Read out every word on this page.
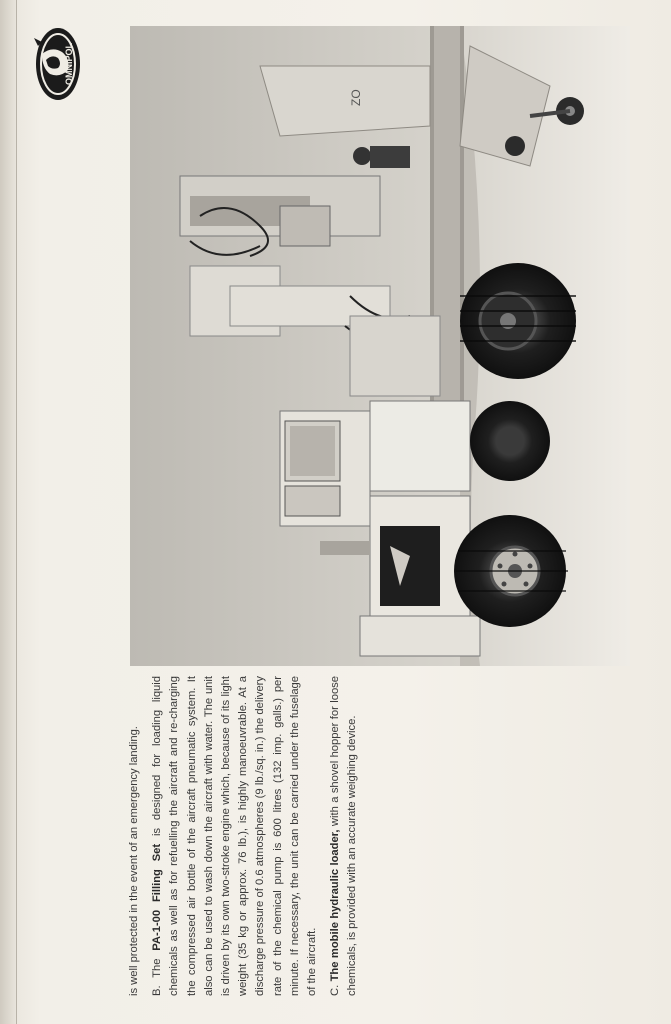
OMNIPOL
ZO

is well protected in the event of an emergency landing. B. The PA-1-00 Filling Set is designed for loading liquid chemicals as well as for refuelling the aircraft and re-charging the compressed air bottle of the aircraft pneumatic system. It also can be used to wash down the aircraft with water. The unit is driven by its own two-stroke engine which, because of its light weight (35 kg or approx. 76 lb.), is highly manoeuvrable. At a discharge pressure of 0.6 atmospheres (9 lb./sq. in.) the delivery rate of the chemical pump is 600 litres (132 imp. galls.) per minute. If necessary, the unit can be carried under the fuselage of the aircraft. C. The mobile hydraulic loader, with a shovel hopper for loose chemicals, is provided with an accurate weighing device.
